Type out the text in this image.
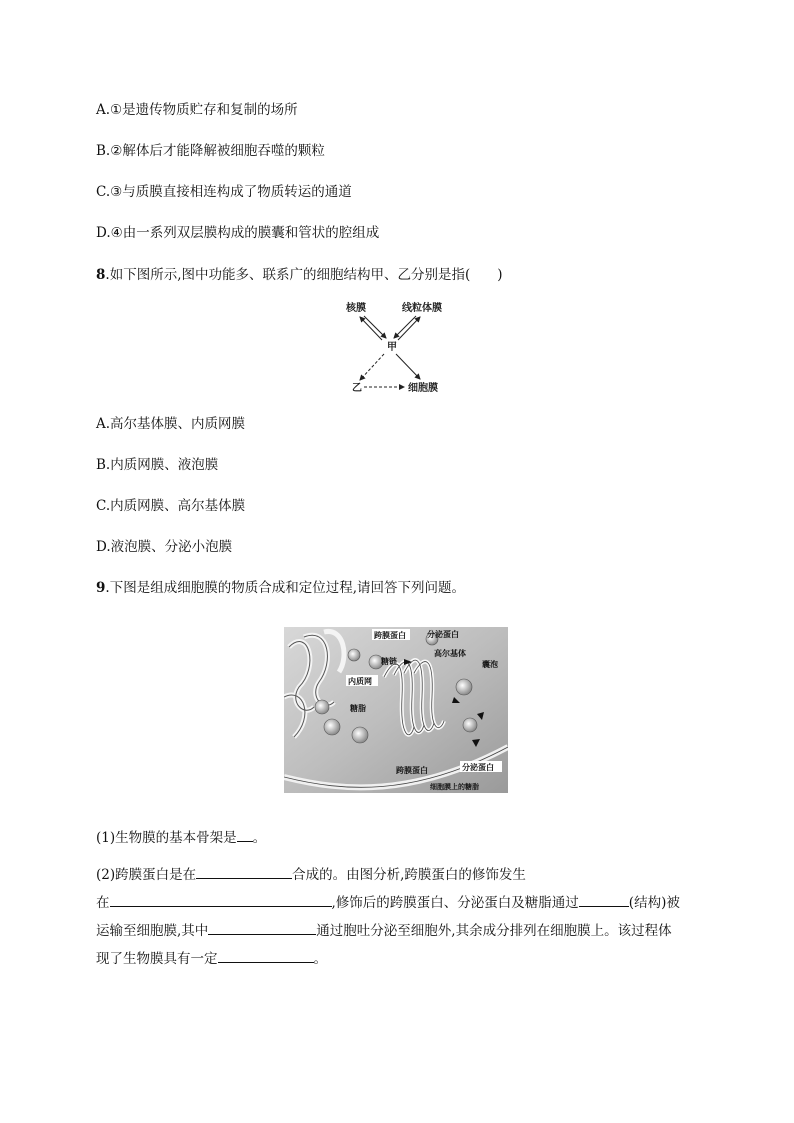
A.①是遗传物质贮存和复制的场所
B.②解体后才能降解被细胞吞噬的颗粒
C.③与质膜直接相连构成了物质转运的通道
D.④由一系列双层膜构成的膜囊和管状的腔组成
8.如下图所示,图中功能多、联系广的细胞结构甲、乙分别是指(　　)
核膜	线粒体膜
甲
乙	细胞膜
A.高尔基体膜、内质网膜
B.内质网膜、液泡膜
C.内质网膜、高尔基体膜
D.液泡膜、分泌小泡膜
9.下图是组成细胞膜的物质合成和定位过程,请回答下列问题。
跨膜蛋白	分泌蛋白
糖链
高尔基体
囊泡
内质网
糖脂
跨膜蛋白	分泌蛋白
细胞膜上的糖脂
(1)生物膜的基本骨架是 。
(2)跨膜蛋白是在	合成的。由图分析,跨膜蛋白的修饰发生
在	,修饰后的跨膜蛋白、分泌蛋白及糖脂通过	(结构)被
运输至细胞膜,其中	通过胞吐分泌至细胞外,其余成分排列在细胞膜上。该过程体
现了生物膜具有一定	。
